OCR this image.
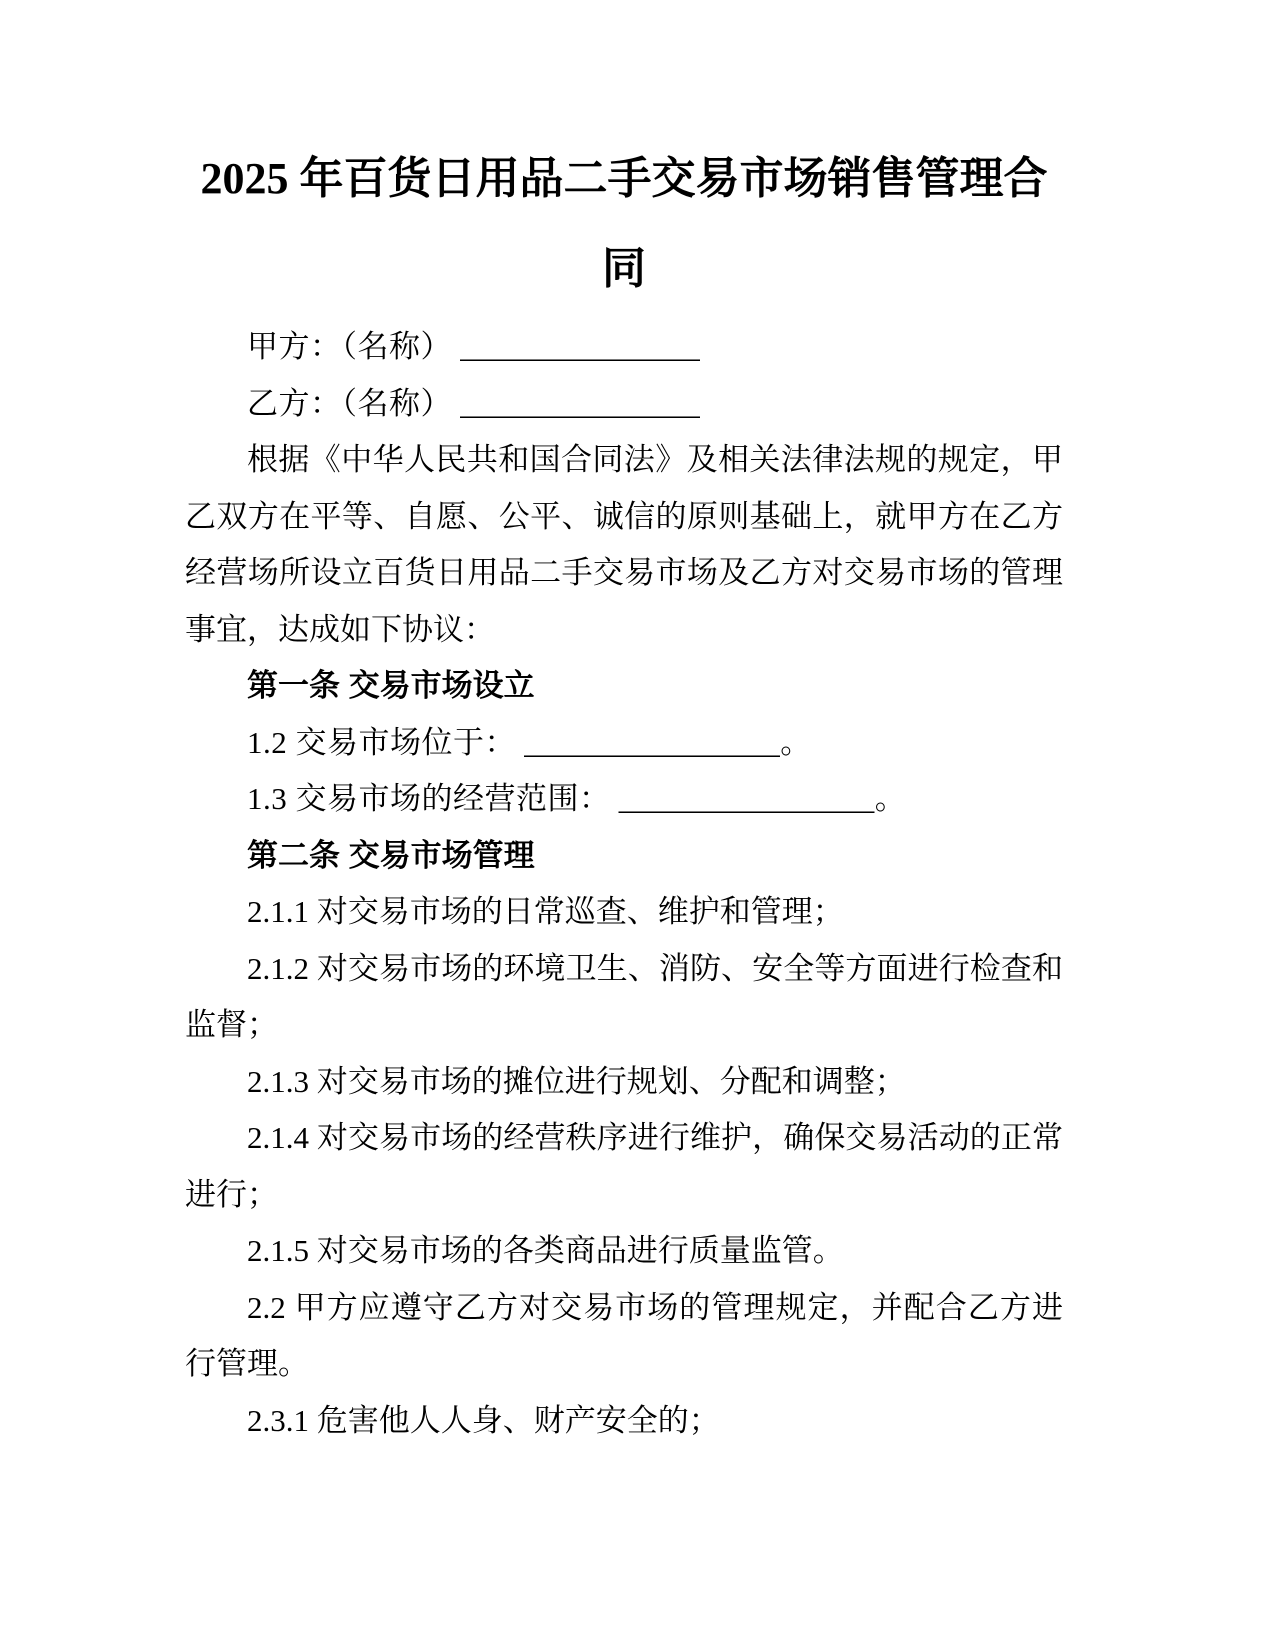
2025 年百货日用品二手交易市场销售管理合同

甲方：（名称） _______________

乙方：（名称） _______________

根据《中华人民共和国合同法》及相关法律法规的规定，甲乙双方在平等、自愿、公平、诚信的原则基础上，就甲方在乙方经营场所设立百货日用品二手交易市场及乙方对交易市场的管理事宜，达成如下协议：

第一条 交易市场设立

1.2 交易市场位于： ________________。

1.3 交易市场的经营范围： ________________。

第二条 交易市场管理

2.1.1 对交易市场的日常巡查、维护和管理；

2.1.2 对交易市场的环境卫生、消防、安全等方面进行检查和监督；

2.1.3 对交易市场的摊位进行规划、分配和调整；

2.1.4 对交易市场的经营秩序进行维护，确保交易活动的正常进行；

2.1.5 对交易市场的各类商品进行质量监管。

2.2 甲方应遵守乙方对交易市场的管理规定，并配合乙方进行管理。

2.3.1 危害他人人身、财产安全的；
